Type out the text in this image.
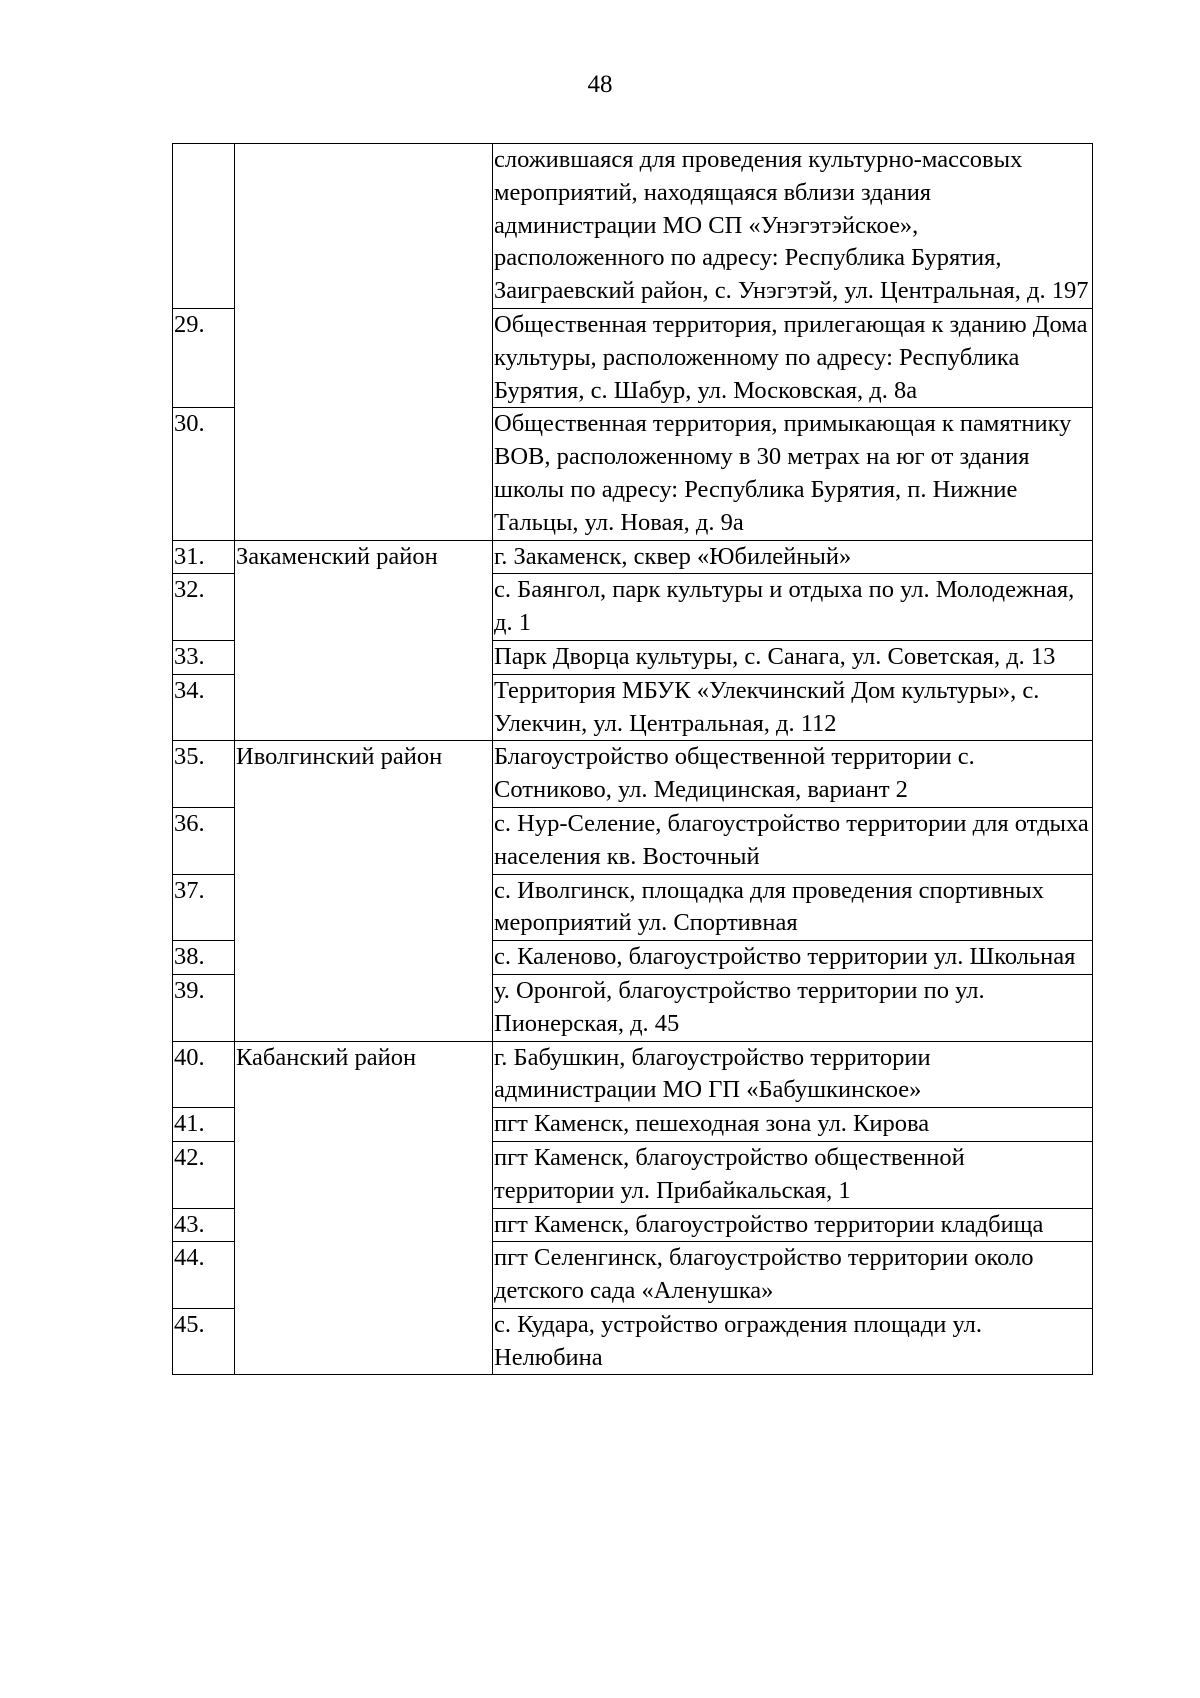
48
		сложившаяся для проведения культурно-массовых мероприятий, находящаяся вблизи здания администрации МО СП «Унэгэтэйское», расположенного по адресу: Республика Бурятия, Заиграевский район, с. Унэгэтэй, ул. Центральная, д. 197
29.		Общественная территория, прилегающая к зданию Дома культуры, расположенному по адресу: Республика Бурятия, с. Шабур, ул. Московская, д. 8а
30.		Общественная территория, примыкающая к памятнику ВОВ, расположенному в 30 метрах на юг от здания школы по адресу: Республика Бурятия, п. Нижние Тальцы, ул. Новая, д. 9а
31.	Закаменский район	г. Закаменск, сквер «Юбилейный»
32.		с. Баянгол, парк культуры и отдыха по ул. Молодежная, д. 1
33.		Парк Дворца культуры, с. Санага, ул. Советская, д. 13
34.		Территория МБУК «Улекчинский Дом культуры», с. Улекчин, ул. Центральная, д. 112
35.	Иволгинский район	Благоустройство общественной территории с. Сотниково, ул. Медицинская, вариант 2
36.		с. Нур-Селение, благоустройство территории для отдыха населения кв. Восточный
37.		с. Иволгинск, площадка для проведения спортивных мероприятий ул. Спортивная
38.		с. Каленово, благоустройство территории ул. Школьная
39.		у. Оронгой, благоустройство территории по ул. Пионерская, д. 45
40.	Кабанский район	г. Бабушкин, благоустройство территории администрации МО ГП «Бабушкинское»
41.		пгт Каменск, пешеходная зона ул. Кирова
42.		пгт Каменск, благоустройство общественной территории ул. Прибайкальская, 1
43.		пгт Каменск, благоустройство территории кладбища
44.		пгт Селенгинск, благоустройство территории около детского сада «Аленушка»
45.		с. Кудара, устройство ограждения площади ул. Нелюбина
